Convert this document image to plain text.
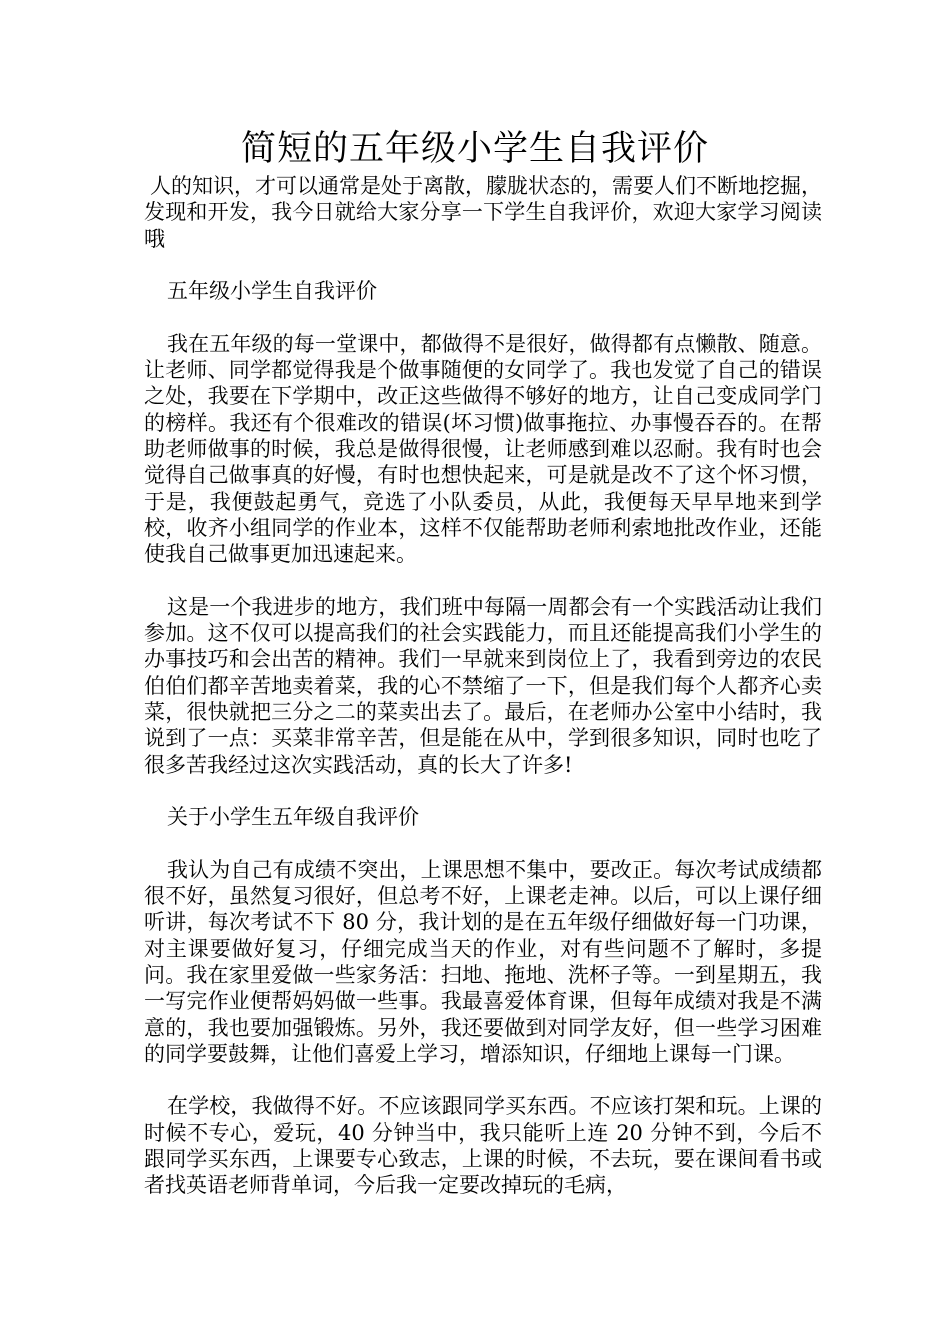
简短的五年级小学生自我评价

人的知识，才可以通常是处于离散，朦胧状态的，需要人们不断地挖掘，发现和开发，我今日就给大家分享一下学生自我评价，欢迎大家学习阅读哦

五年级小学生自我评价

我在五年级的每一堂课中，都做得不是很好，做得都有点懒散、随意。让老师、同学都觉得我是个做事随便的女同学了。我也发觉了自己的错误之处，我要在下学期中，改正这些做得不够好的地方，让自己变成同学门的榜样。我还有个很难改的错误(坏习惯)做事拖拉、办事慢吞吞的。在帮助老师做事的时候，我总是做得很慢，让老师感到难以忍耐。我有时也会觉得自己做事真的好慢，有时也想快起来，可是就是改不了这个怀习惯，于是，我便鼓起勇气，竞选了小队委员，从此，我便每天早早地来到学校，收齐小组同学的作业本，这样不仅能帮助老师利索地批改作业，还能使我自己做事更加迅速起来。

这是一个我进步的地方，我们班中每隔一周都会有一个实践活动让我们参加。这不仅可以提高我们的社会实践能力，而且还能提高我们小学生的办事技巧和会出苦的精神。我们一早就来到岗位上了，我看到旁边的农民伯伯们都辛苦地卖着菜，我的心不禁缩了一下，但是我们每个人都齐心卖菜，很快就把三分之二的菜卖出去了。最后，在老师办公室中小结时，我说到了一点：买菜非常辛苦，但是能在从中，学到很多知识，同时也吃了很多苦我经过这次实践活动，真的长大了许多!

关于小学生五年级自我评价

我认为自己有成绩不突出，上课思想不集中，要改正。每次考试成绩都很不好，虽然复习很好，但总考不好，上课老走神。以后，可以上课仔细听讲，每次考试不下 80 分，我计划的是在五年级仔细做好每一门功课，对主课要做好复习，仔细完成当天的作业，对有些问题不了解时，多提问。我在家里爱做一些家务活：扫地、拖地、洗杯子等。一到星期五，我一写完作业便帮妈妈做一些事。我最喜爱体育课，但每年成绩对我是不满意的，我也要加强锻炼。另外，我还要做到对同学友好，但一些学习困难的同学要鼓舞，让他们喜爱上学习，增添知识，仔细地上课每一门课。

在学校，我做得不好。不应该跟同学买东西。不应该打架和玩。上课的时候不专心，爱玩，40 分钟当中，我只能听上连 20 分钟不到，今后不跟同学买东西，上课要专心致志，上课的时候，不去玩，要在课间看书或者找英语老师背单词，今后我一定要改掉玩的毛病，
